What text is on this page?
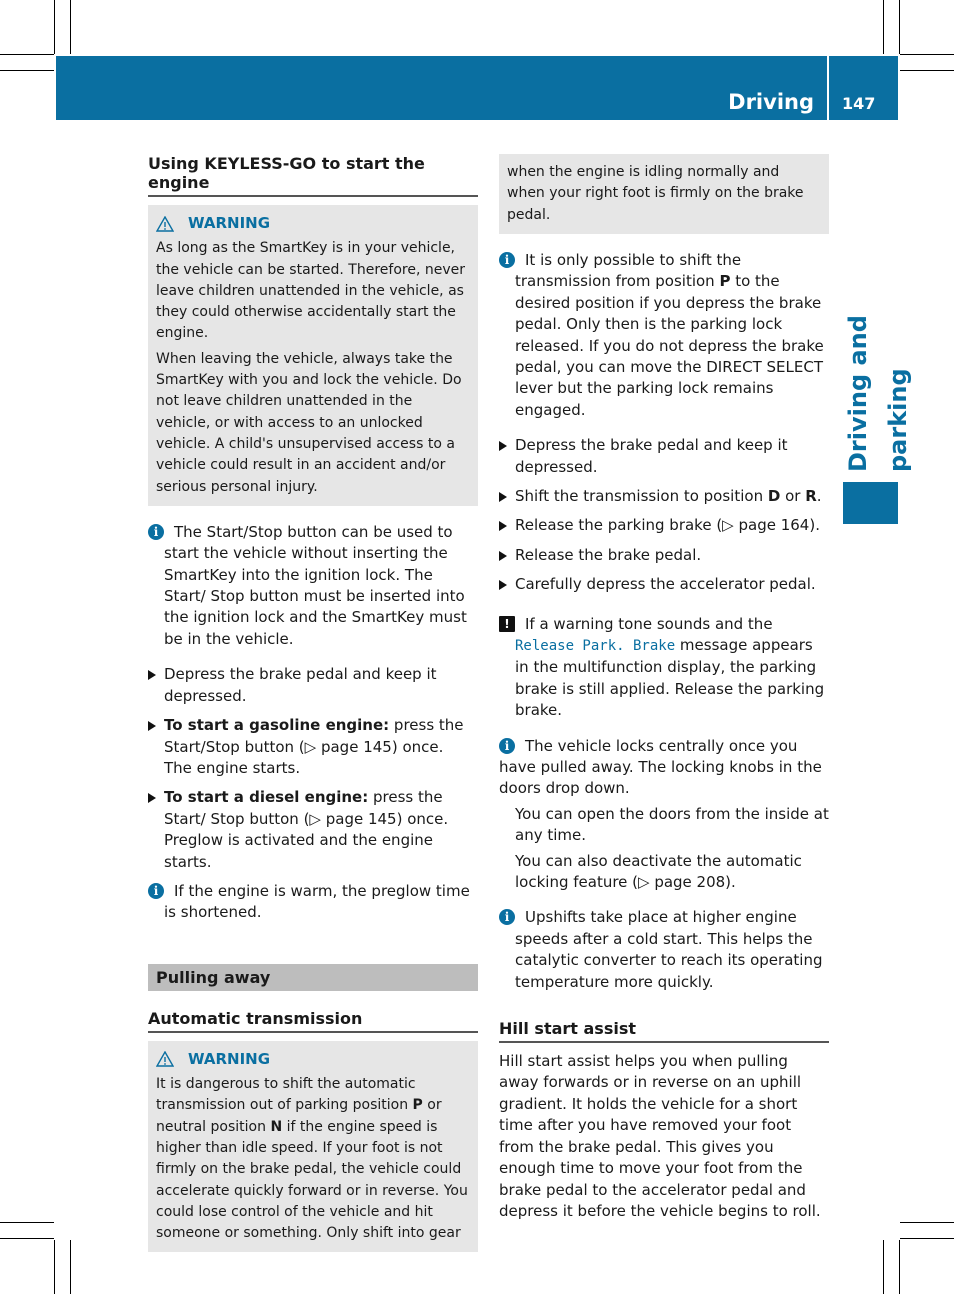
Driving 147
Driving and parking
Using KEYLESS-GO to start the engine
WARNING

As long as the SmartKey is in your vehicle, the vehicle can be started. Therefore, never leave children unattended in the vehicle, as they could otherwise accidentally start the engine.

When leaving the vehicle, always take the SmartKey with you and lock the vehicle. Do not leave children unattended in the vehicle, or with access to an unlocked vehicle. A child's unsupervised access to a vehicle could result in an accident and/or serious personal injury.

i	The Start/Stop button can be used to start the vehicle without inserting the SmartKey into the ignition lock. The Start/ Stop button must be inserted into the ignition lock and the SmartKey must be in the vehicle.
Depress the brake pedal and keep it depressed.
To start a gasoline engine: press the Start/Stop button (▷ page 145) once.
The engine starts.
To start a diesel engine: press the Start/ Stop button (▷ page 145) once.
Preglow is activated and the engine starts.
i	If the engine is warm, the preglow time is shortened.
Pulling away
Automatic transmission
WARNING

It is dangerous to shift the automatic transmission out of parking position P or neutral position N if the engine speed is higher than idle speed. If your foot is not firmly on the brake pedal, the vehicle could accelerate quickly forward or in reverse. You could lose control of the vehicle and hit someone or something. Only shift into gear

when the engine is idling normally and when your right foot is firmly on the brake pedal.

i	It is only possible to shift the transmission from position P to the desired position if you depress the brake pedal. Only then is the parking lock released. If you do not depress the brake pedal, you can move the DIRECT SELECT lever but the parking lock remains engaged.
Depress the brake pedal and keep it depressed.
Shift the transmission to position D or R.
Release the parking brake (▷ page 164).
Release the brake pedal.
Carefully depress the accelerator pedal.
!	If a warning tone sounds and the Release Park. Brake message appears in the multifunction display, the parking brake is still applied. Release the parking brake.
i	The vehicle locks centrally once you have pulled away. The locking knobs in the doors drop down.
You can open the doors from the inside at any time.
You can also deactivate the automatic locking feature (▷ page 208).
i	Upshifts take place at higher engine speeds after a cold start. This helps the catalytic converter to reach its operating temperature more quickly.
Hill start assist
Hill start assist helps you when pulling away forwards or in reverse on an uphill gradient. It holds the vehicle for a short time after you have removed your foot from the brake pedal. This gives you enough time to move your foot from the brake pedal to the accelerator pedal and depress it before the vehicle begins to roll.
